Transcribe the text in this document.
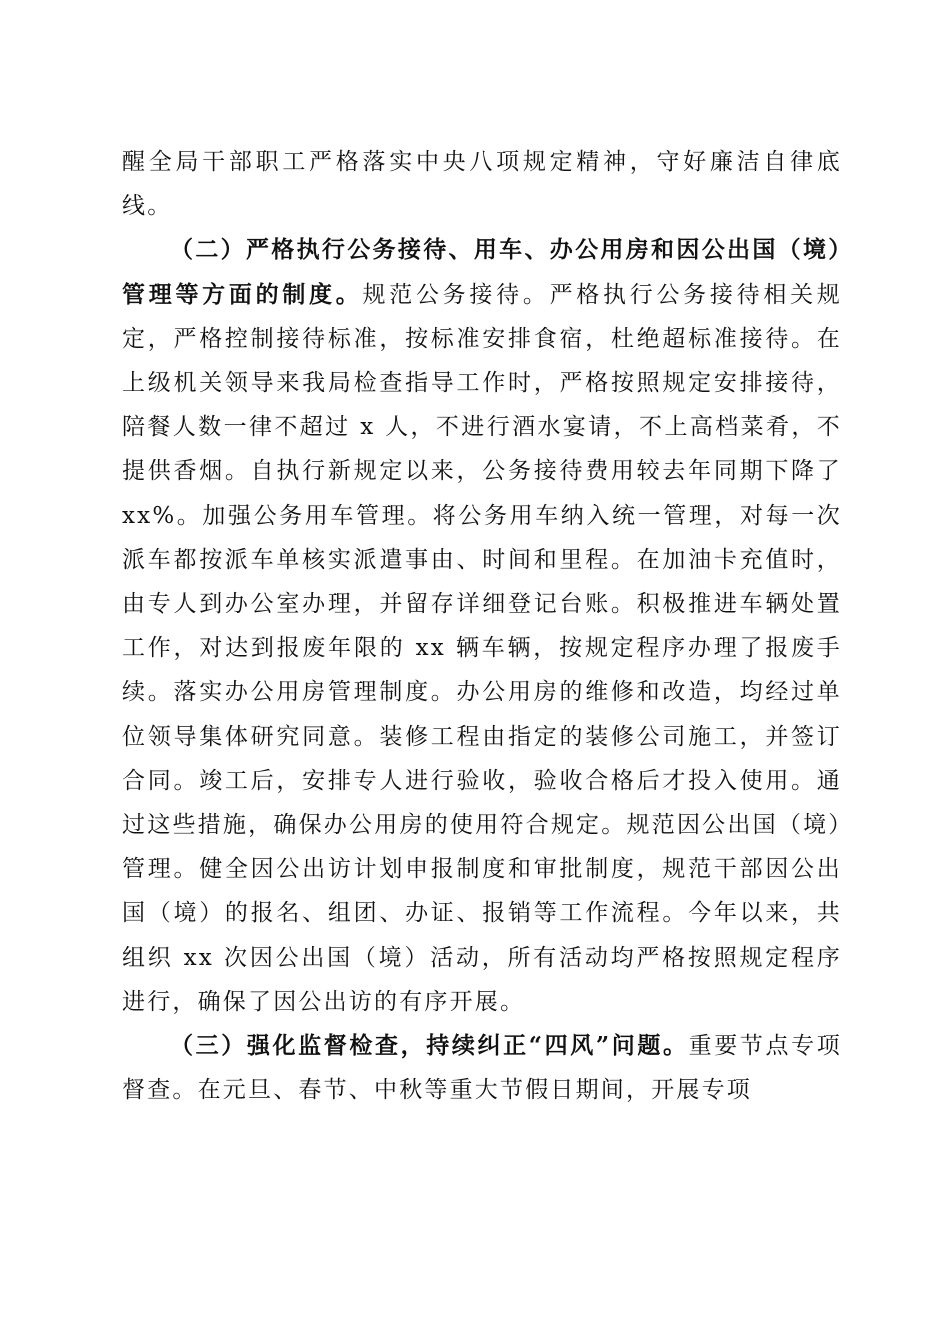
醒全局干部职工严格落实中央八项规定精神，守好廉洁自律底线。

（二）严格执行公务接待、用车、办公用房和因公出国（境）管理等方面的制度。规范公务接待。严格执行公务接待相关规定，严格控制接待标准，按标准安排食宿，杜绝超标准接待。在上级机关领导来我局检查指导工作时，严格按照规定安排接待，陪餐人数一律不超过 x 人，不进行酒水宴请，不上高档菜肴，不提供香烟。自执行新规定以来，公务接待费用较去年同期下降了 xx%。加强公务用车管理。将公务用车纳入统一管理，对每一次派车都按派车单核实派遣事由、时间和里程。在加油卡充值时，由专人到办公室办理，并留存详细登记台账。积极推进车辆处置工作，对达到报废年限的 xx 辆车辆，按规定程序办理了报废手续。落实办公用房管理制度。办公用房的维修和改造，均经过单位领导集体研究同意。装修工程由指定的装修公司施工，并签订合同。竣工后，安排专人进行验收，验收合格后才投入使用。通过这些措施，确保办公用房的使用符合规定。规范因公出国（境）管理。健全因公出访计划申报制度和审批制度，规范干部因公出国（境）的报名、组团、办证、报销等工作流程。今年以来，共组织 xx 次因公出国（境）活动，所有活动均严格按照规定程序进行，确保了因公出访的有序开展。

（三）强化监督检查，持续纠正“四风”问题。重要节点专项督查。在元旦、春节、中秋等重大节假日期间，开展专项
